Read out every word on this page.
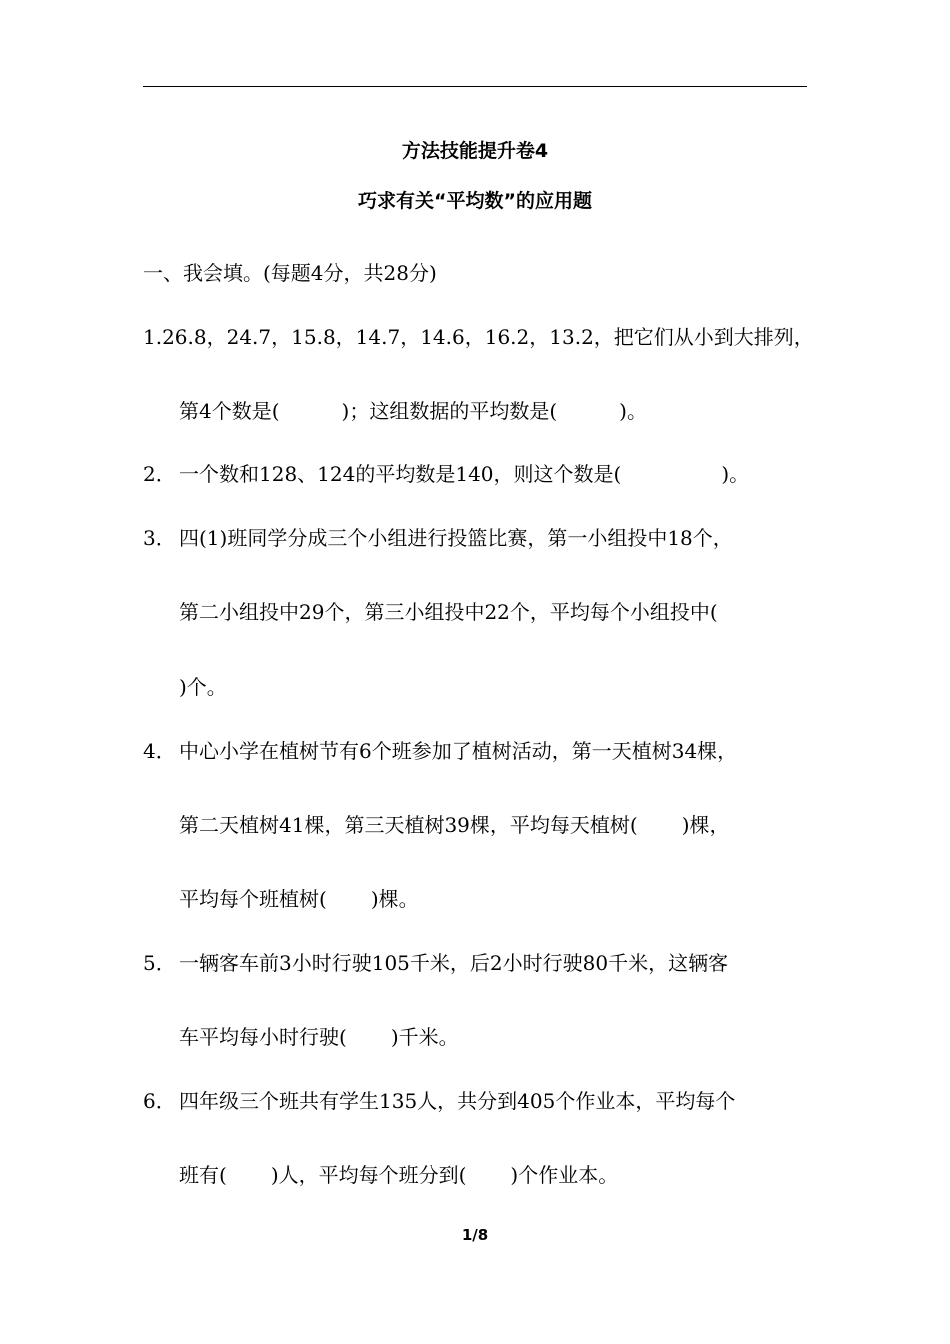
方法技能提升卷4
巧求有关“平均数”的应用题
一、我会填。(每题4分，共28分)
1.26.8，24.7，15.8，14.7，14.6，16.2，13.2，把它们从小到大排列，
第4个数是(	)；这组数据的平均数是(	)。
2． 一个数和128、124的平均数是140，则这个数是(	)。
3． 四(1)班同学分成三个小组进行投篮比赛，第一小组投中18个，
第二小组投中29个，第三小组投中22个，平均每个小组投中(
)个。
4． 中心小学在植树节有6个班参加了植树活动，第一天植树34棵，
第二天植树41棵，第三天植树39棵，平均每天植树( )棵，
平均每个班植树( )棵。
5． 一辆客车前3小时行驶105千米，后2小时行驶80千米，这辆客
车平均每小时行驶( )千米。
6． 四年级三个班共有学生135人，共分到405个作业本，平均每个
班有( )人，平均每个班分到( )个作业本。
1/8
